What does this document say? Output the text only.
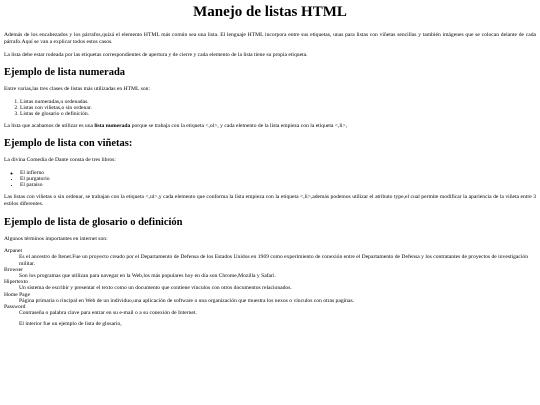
Manejo de listas HTML

Además de los encabezados y los párrafos,quizá el elemento HTML más común sea una lista. El lenguaje HTML incorpora entre sus etiquetas, unas para listas con viñetas sencillas y también imágenes que se colocan delante de cada párrafo.Aquí se van a explicar todos estos casos.

La lista debe estar rodeada por las etiquetas correspondientes de apertura y de cierre y cada elemento de la lista tiene su propia etiqueta.

Ejemplo de lista numerada

Entre varias,las tres clases de listas más utilizadas en HTML son:

1. Listas numeradas,u ordenadas.
2. Listas con viñetas,o sin ordenar.
3. Listas de glosario o definición.

La lista que acabamos de utilizar es una lista numerada porque se trabaja con la etiqueta <,ol>, y cada elemento de la lista empieza con la etiqueta <,li>,

Ejemplo de lista con viñetas:

La divina Comedia de Dante consta de tres libros:

◦ El infierno
• El purgatorio
• El paraíso

Las listas con viñetas o sin ordenar, se trabajan con la etiqueta <,ul>,y cada elemento que conforma la lista empieza con la etiqueta <,li>,además podemos utilizar el atributo type,el cual permite modificar la apariencia de la viñeta entre 3 estilos diferentes.

Ejemplo de lista de glosario o definición

Algunos términos importantes en internet son:

Arpanet
Es el ancestro de Itenet.Fue un proyecto creado por el Departamento de Defensa de los Estados Unidos en 1969 como experimiento de conexión entre el Departamento de Defensa y los contratantes de proyectos de investigación militar.
Browser
Son los programas que utilizan para navegar en la Web,los más populares hoy en día son Chrome,Mozilla y Safari.
Hipertexto
Un sistema de escribir y presentar el texto como un documento que contiene vínculos con otros documentos relacionados.
Home Page
Página primaria o rincipal en Web de un individuo,una aplicación de software o una organización que muestra los nexos o vínculos con otras paginas.
Password
Contraseña o palabra clave para entrar en su e-mail o a su conexión de Internet.

El interior fue un ejemplo de lista de glosario,
